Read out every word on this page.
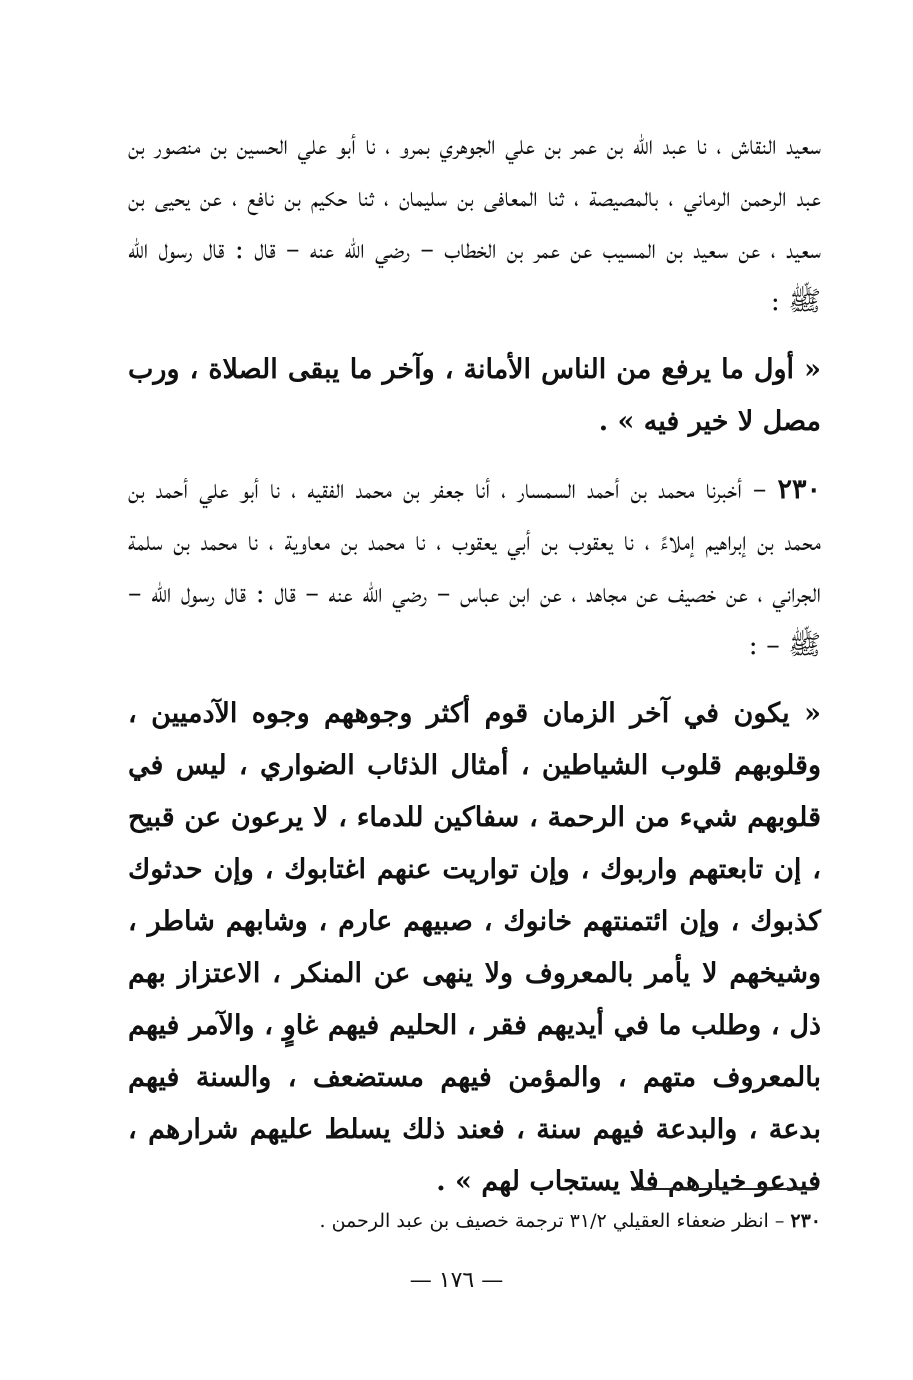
سعيد النقاش ، نا عبد الله بن عمر بن علي الجوهري بمرو ، نا أبو علي الحسين بن منصور بن عبد الرحمن الرماني ، بالمصيصة ، ثنا المعافى بن سليمان ، ثنا حكيم بن نافع ، عن يحيى بن سعيد ، عن سعيد بن المسيب عن عمر بن الخطاب – رضي الله عنه – قال : قال رسول الله ﷺ :

« أول ما يرفع من الناس الأمانة ، وآخر ما يبقى الصلاة ، ورب مصل لا خير فيه » .

٢٣٠ – أخبرنا محمد بن أحمد السمسار ، أنا جعفر بن محمد الفقيه ، نا أبو علي أحمد بن محمد بن إبراهيم إملاءً ، نا يعقوب بن أبي يعقوب ، نا محمد بن معاوية ، نا محمد بن سلمة الجراني ، عن خصيف عن مجاهد ، عن ابن عباس – رضي الله عنه – قال : قال رسول الله – ﷺ – :

« يكون في آخر الزمان قوم أكثر وجوههم وجوه الآدميين ، وقلوبهم قلوب الشياطين ، أمثال الذئاب الضواري ، ليس في قلوبهم شيء من الرحمة ، سفاكين للدماء ، لا يرعون عن قبيح ، إن تابعتهم واربوك ، وإن تواريت عنهم اغتابوك ، وإن حدثوك كذبوك ، وإن ائتمنتهم خانوك ، صبيهم عارم ، وشابهم شاطر ، وشيخهم لا يأمر بالمعروف ولا ينهى عن المنكر ، الاعتزاز بهم ذل ، وطلب ما في أيديهم فقر ، الحليم فيهم غاوٍ ، والآمر فيهم بالمعروف متهم ، والمؤمن فيهم مستضعف ، والسنة فيهم بدعة ، والبدعة فيهم سنة ، فعند ذلك يسلط عليهم شرارهم ، فيدعو خيارهم فلا يستجاب لهم » .

٢٣٠ – انظر ضعفاء العقيلي ٣١/٢ ترجمة خصيف بن عبد الرحمن .
— ١٧٦ —
